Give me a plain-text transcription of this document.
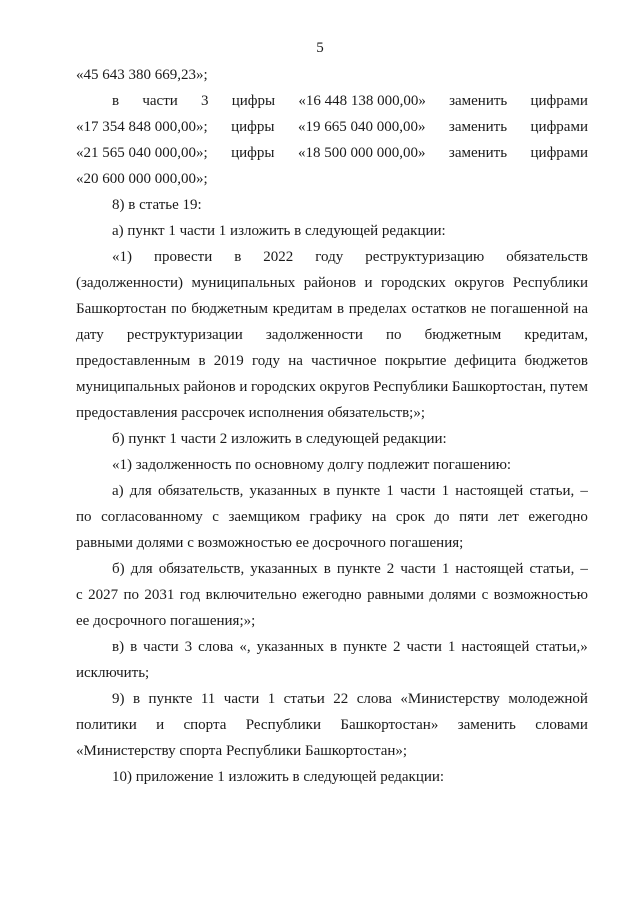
5
«45 643 380 669,23»;
в части 3 цифры «16 448 138 000,00» заменить цифрами
«17 354 848 000,00»; цифры «19 665 040 000,00» заменить цифрами
«21 565 040 000,00»; цифры «18 500 000 000,00» заменить цифрами
«20 600 000 000,00»;
8) в статье 19:
а) пункт 1 части 1 изложить в следующей редакции:
«1) провести в 2022 году реструктуризацию обязательств
(задолженности) муниципальных районов и городских округов Республики
Башкортостан по бюджетным кредитам в пределах остатков не погашенной на
дату реструктуризации задолженности по бюджетным кредитам,
предоставленным в 2019 году на частичное покрытие дефицита бюджетов
муниципальных районов и городских округов Республики Башкортостан, путем
предоставления рассрочек исполнения обязательств;»;
б) пункт 1 части 2 изложить в следующей редакции:
«1) задолженность по основному долгу подлежит погашению:
а) для обязательств, указанных в пункте 1 части 1 настоящей статьи, –
по согласованному с заемщиком графику на срок до пяти лет ежегодно
равными долями с возможностью ее досрочного погашения;
б) для обязательств, указанных в пункте 2 части 1 настоящей статьи, –
с 2027 по 2031 год включительно ежегодно равными долями с возможностью
ее досрочного погашения;»;
в) в части 3 слова «, указанных в пункте 2 части 1 настоящей статьи,»
исключить;
9) в пункте 11 части 1 статьи 22 слова «Министерству молодежной
политики и спорта Республики Башкортостан» заменить словами
«Министерству спорта Республики Башкортостан»;
10) приложение 1 изложить в следующей редакции:
